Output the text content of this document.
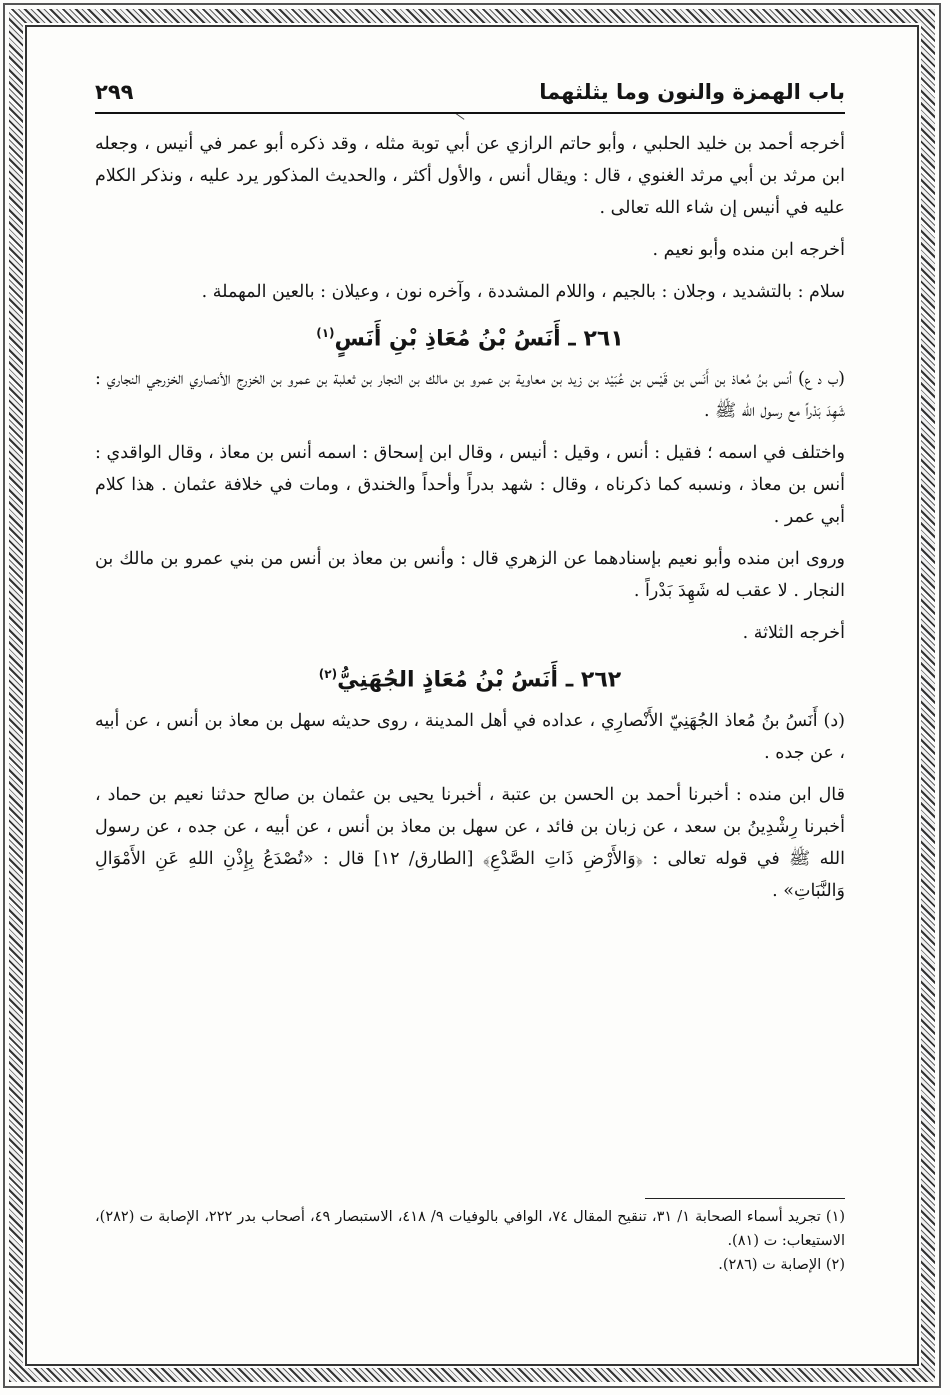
باب الهمزة والنون وما يثلثهما
٢٩٩

أخرجه أحمد بن خليد الحلبي ، وأبو حاتم الرازي عن أبي توبة مثله ، وقد ذكره أبو عمر في أنيس ، وجعله ابن مرثد بن أبي مرثد الغنوي ، قال : ويقال أنس ، والأول أكثر ، والحديث المذكور يرد عليه ، ونذكر الكلام عليه في أنيس إن شاء الله تعالى .

أخرجه ابن منده وأبو نعيم .

سلام : بالتشديد ، وجلان : بالجيم ، واللام المشددة ، وآخره نون ، وعيلان : بالعين المهملة .

٢٦١ ـ أَنَسُ بْنُ مُعَاذِ بْنِ أَنَسٍ$^{(١)}$

(ب د ع) أنس بنُ مُعاذ بن أَنَس بن قَيْس بن عُبَيْد بن زيد بن معاوية بن عمرو بن مالك بن النجار بن ثعلبة بن عمرو بن الخزرج الأنصاري الخزرجي النجاري : شَهِدَ بَدْراً مع رسول الله ﷺ .

واختلف في اسمه ؛ فقيل : أنس ، وقيل : أنيس ، وقال ابن إسحاق : اسمه أنس بن معاذ ، وقال الواقدي : أنس بن معاذ ، ونسبه كما ذكرناه ، وقال : شهد بدراً وأحداً والخندق ، ومات في خلافة عثمان . هذا كلام أبي عمر .

وروى ابن منده وأبو نعيم بإسنادهما عن الزهري قال : وأنس بن معاذ بن أنس من بني عمرو بن مالك بن النجار . لا عقب له شَهِدَ بَدْراً .

أخرجه الثلاثة .

٢٦٢ ـ أَنَسُ بْنُ مُعَاذٍ الجُهَنِيُّ$^{(٢)}$

(د) أَنَسُ بنُ مُعاذ الجُهَنِيّ الأَنْصارِي ، عداده في أهل المدينة ، روى حديثه سهل بن معاذ بن أنس ، عن أبيه ، عن جده .

قال ابن منده : أخبرنا أحمد بن الحسن بن عتبة ، أخبرنا يحيى بن عثمان بن صالح حدثنا نعيم بن حماد ، أخبرنا رِشْدِينُ بن سعد ، عن زبان بن فائد ، عن سهل بن معاذ بن أنس ، عن أبيه ، عن جده ، عن رسول الله ﷺ في قوله تعالى : ﴿وَالأَرْضِ ذَاتِ الصَّدْعِ﴾ [الطارق/ ١٢] قال : «تُصْدَعُ بِإِذْنِ اللهِ عَنِ الأَمْوَالِ وَالنَّبَاتِ» .

(١) تجريد أسماء الصحابة ١/ ٣١، تنقيح المقال ٧٤، الوافي بالوفيات ٩/ ٤١٨، الاستبصار ٤٩، أصحاب بدر ٢٢٢، الإصابة ت (٢٨٢)، الاستيعاب: ت (٨١).

(٢) الإصابة ت (٢٨٦).
